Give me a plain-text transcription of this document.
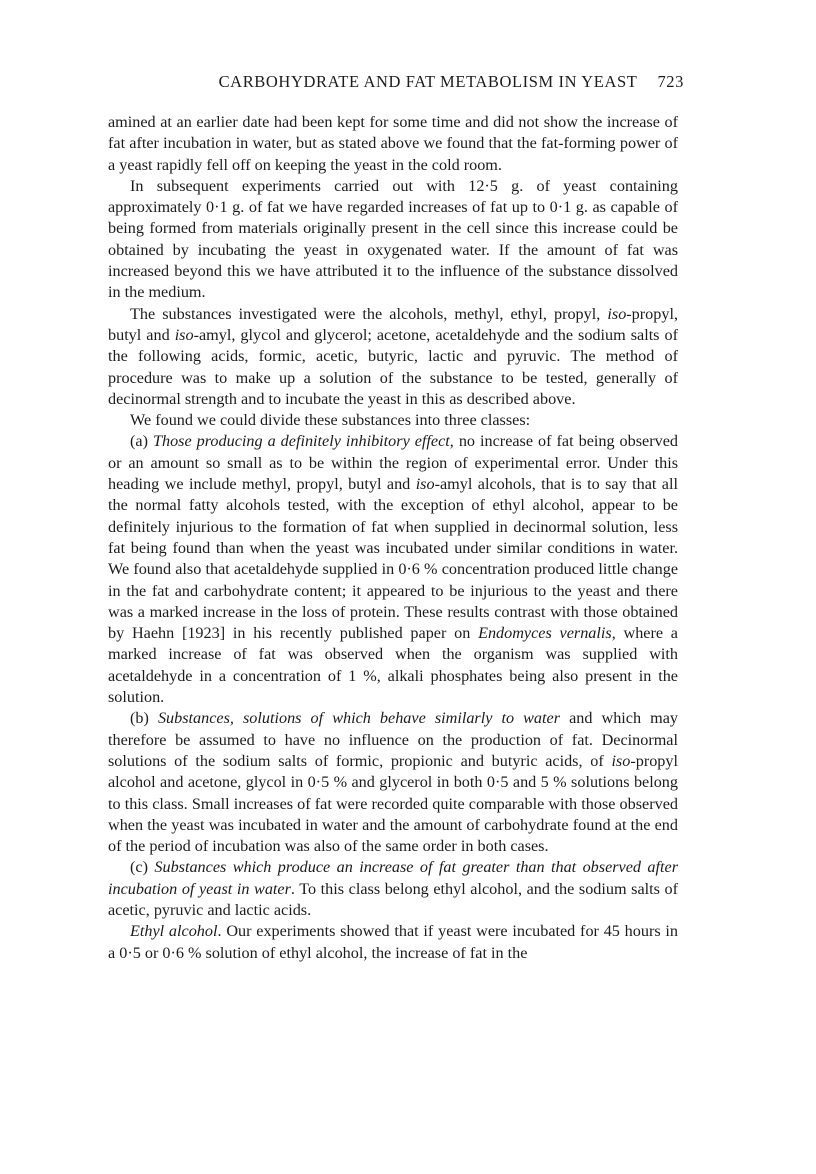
CARBOHYDRATE AND FAT METABOLISM IN YEAST 723

amined at an earlier date had been kept for some time and did not show the increase of fat after incubation in water, but as stated above we found that the fat-forming power of a yeast rapidly fell off on keeping the yeast in the cold room.

In subsequent experiments carried out with 12·5 g. of yeast containing approximately 0·1 g. of fat we have regarded increases of fat up to 0·1 g. as capable of being formed from materials originally present in the cell since this increase could be obtained by incubating the yeast in oxygenated water. If the amount of fat was increased beyond this we have attributed it to the influence of the substance dissolved in the medium.

The substances investigated were the alcohols, methyl, ethyl, propyl, iso-propyl, butyl and iso-amyl, glycol and glycerol; acetone, acetaldehyde and the sodium salts of the following acids, formic, acetic, butyric, lactic and pyruvic. The method of procedure was to make up a solution of the substance to be tested, generally of decinormal strength and to incubate the yeast in this as described above.

We found we could divide these substances into three classes:

(a) Those producing a definitely inhibitory effect, no increase of fat being observed or an amount so small as to be within the region of experimental error. Under this heading we include methyl, propyl, butyl and iso-amyl alcohols, that is to say that all the normal fatty alcohols tested, with the exception of ethyl alcohol, appear to be definitely injurious to the formation of fat when supplied in decinormal solution, less fat being found than when the yeast was incubated under similar conditions in water. We found also that acetaldehyde supplied in 0·6 % concentration produced little change in the fat and carbohydrate content; it appeared to be injurious to the yeast and there was a marked increase in the loss of protein. These results contrast with those obtained by Haehn [1923] in his recently published paper on Endomyces vernalis, where a marked increase of fat was observed when the organism was supplied with acetaldehyde in a concentration of 1 %, alkali phosphates being also present in the solution.

(b) Substances, solutions of which behave similarly to water and which may therefore be assumed to have no influence on the production of fat. Decinormal solutions of the sodium salts of formic, propionic and butyric acids, of iso-propyl alcohol and acetone, glycol in 0·5 % and glycerol in both 0·5 and 5 % solutions belong to this class. Small increases of fat were recorded quite comparable with those observed when the yeast was incubated in water and the amount of carbohydrate found at the end of the period of incubation was also of the same order in both cases.

(c) Substances which produce an increase of fat greater than that observed after incubation of yeast in water. To this class belong ethyl alcohol, and the sodium salts of acetic, pyruvic and lactic acids.

Ethyl alcohol. Our experiments showed that if yeast were incubated for 45 hours in a 0·5 or 0·6 % solution of ethyl alcohol, the increase of fat in the
